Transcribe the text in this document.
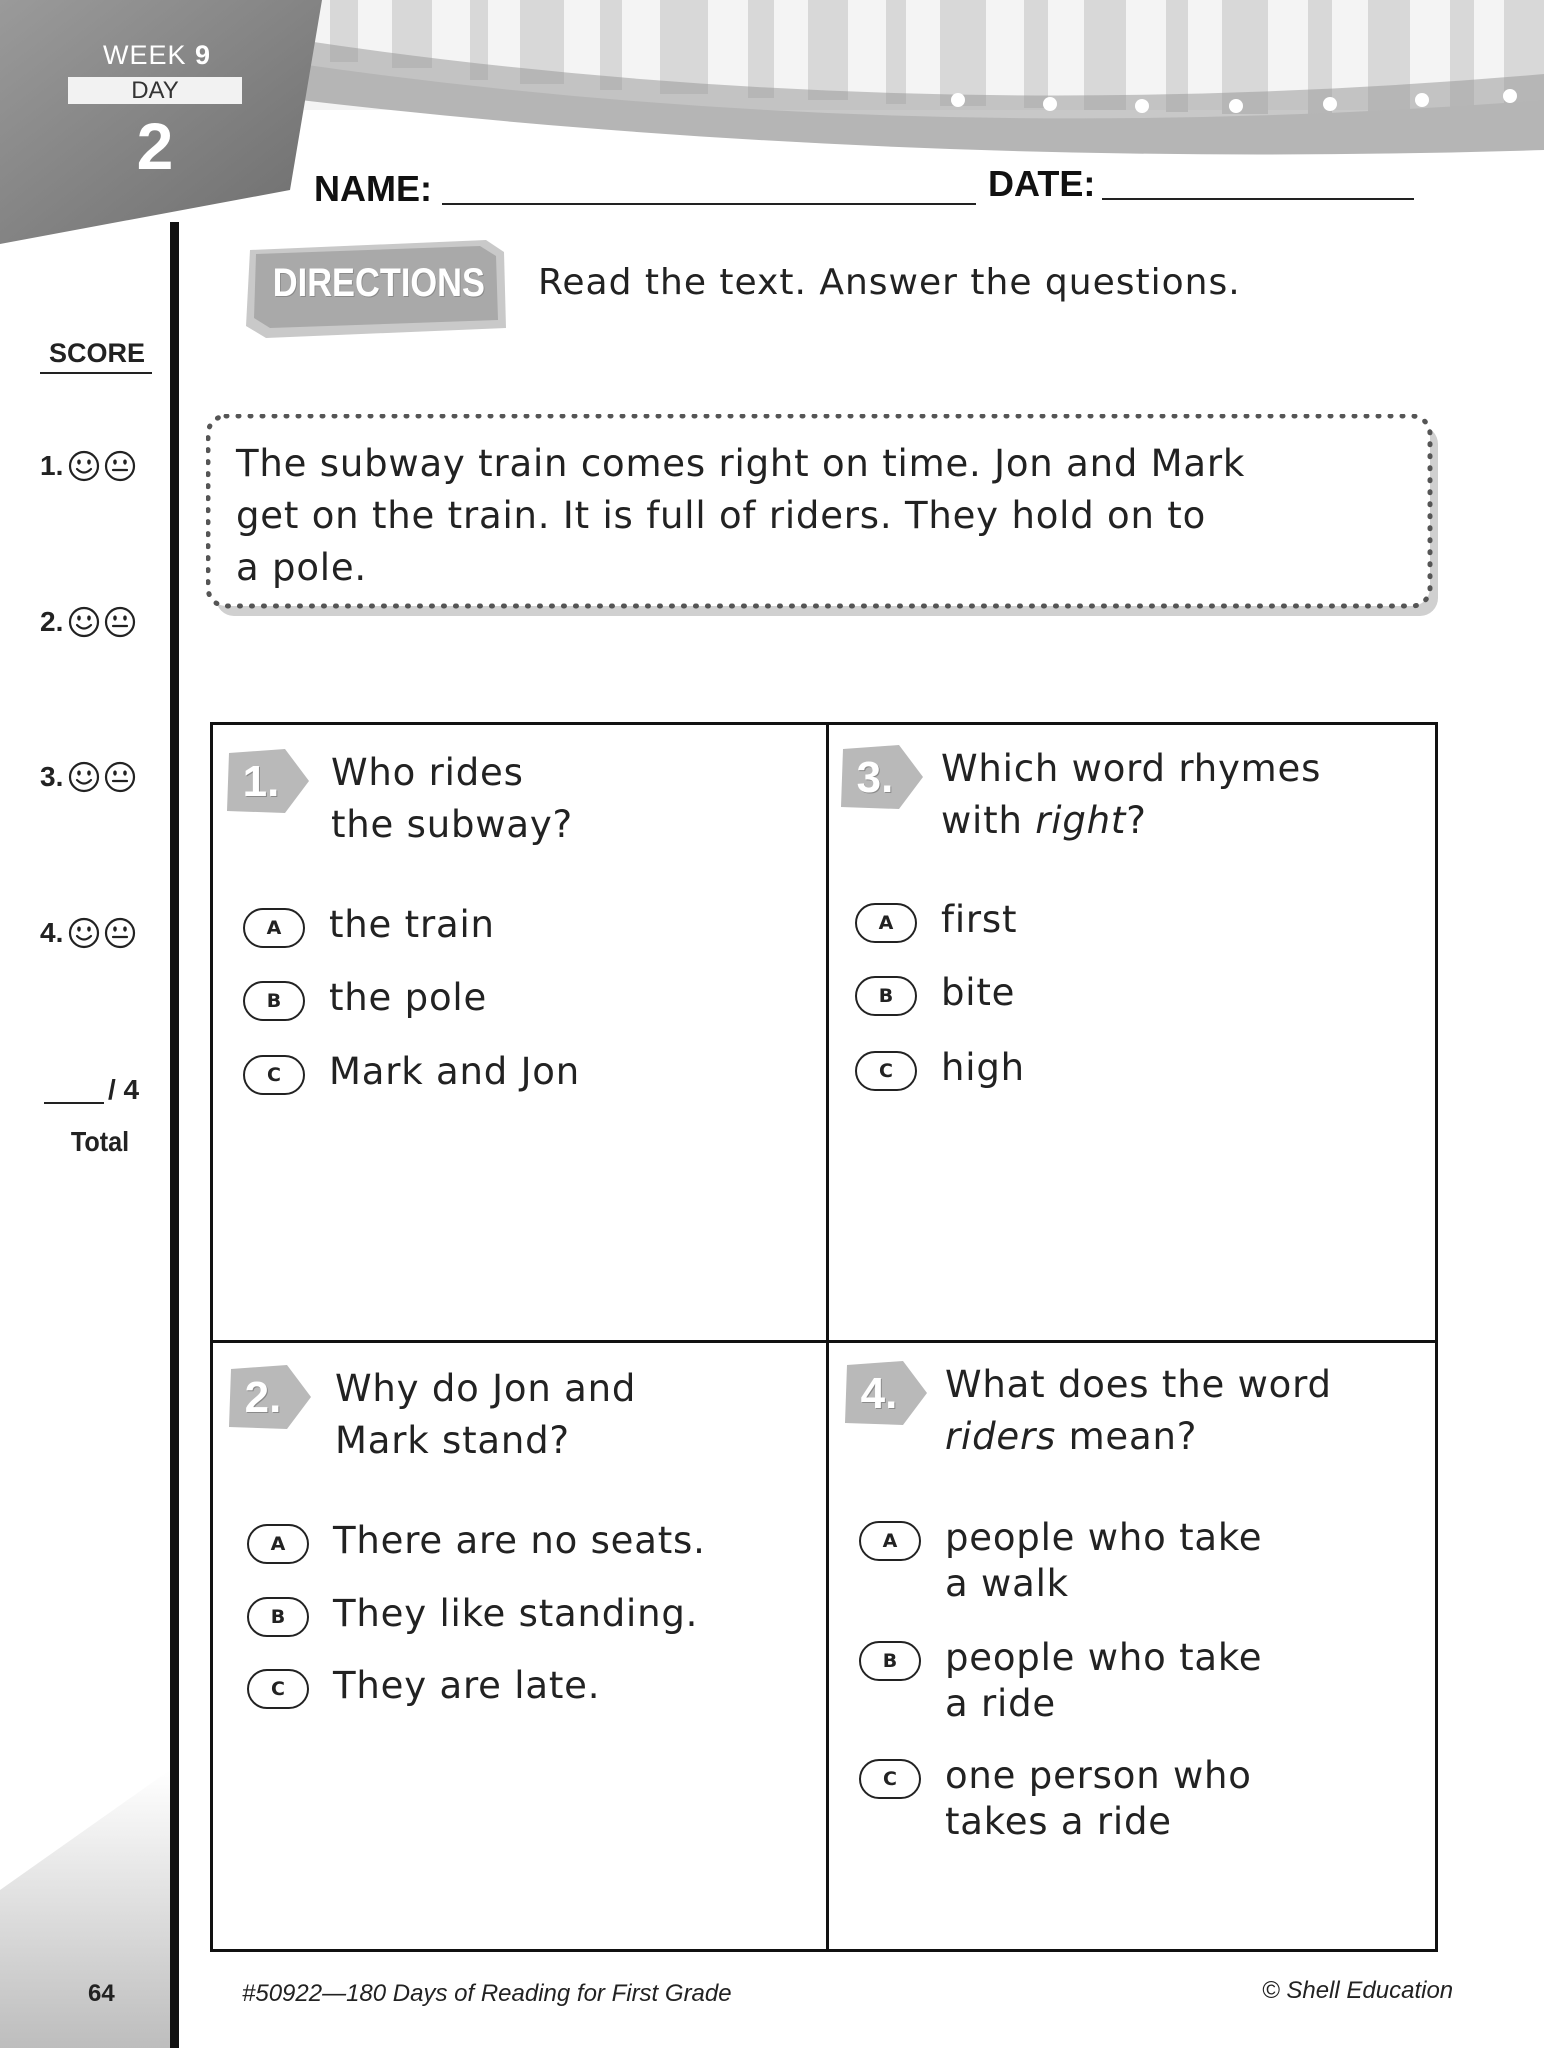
WEEK 9
DAY
2
NAME:	DATE:
DIRECTIONS Read the text. Answer the questions.
SCORE
1.
2.
3.
4.
/ 4
Total
The subway train comes right on time. Jon and Mark
get on the train. It is full of riders. They hold on to
a pole.
1.	Who rides
the subway?
A	the train
B	the pole
C	Mark and Jon
3.	Which word rhymes
with right?
A	first
B	bite
C	high
2.	Why do Jon and
Mark stand?
A	There are no seats.
B	They like standing.
C	They are late.
4.	What does the word
riders mean?
A	people who take
a walk
B	people who take
a ride
C	one person who
takes a ride
64	#50922—180 Days of Reading for First Grade	© Shell Education
